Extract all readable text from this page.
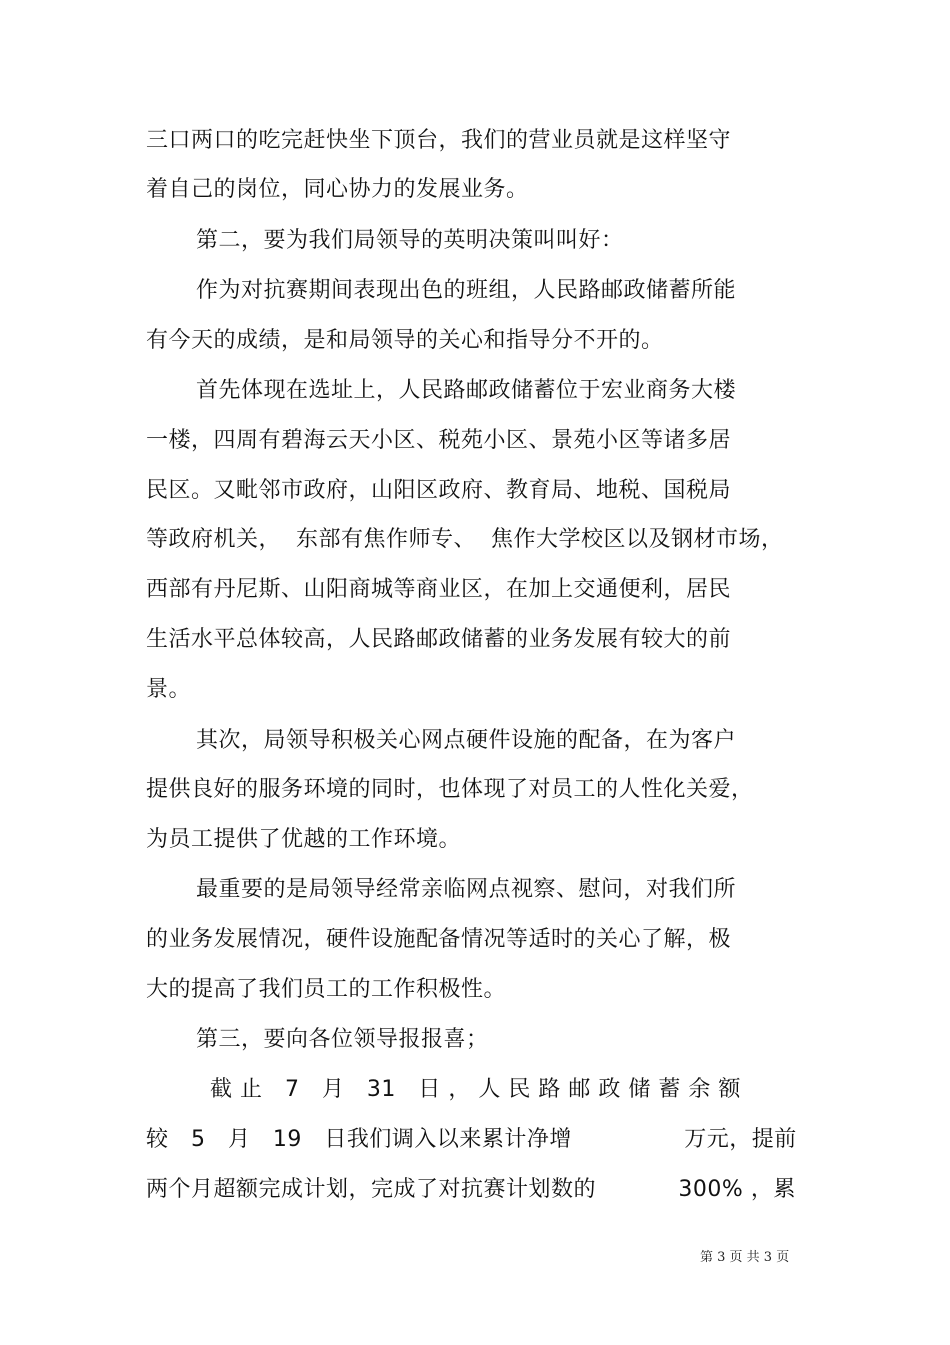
三口两口的吃完赶快坐下顶台，我们的营业员就是这样坚守
着自己的岗位，同心协力的发展业务。
第二，要为我们局领导的英明决策叫叫好：
作为对抗赛期间表现出色的班组，人民路邮政储蓄所能
有今天的成绩，是和局领导的关心和指导分不开的。
首先体现在选址上，人民路邮政储蓄位于宏业商务大楼
一楼，四周有碧海云天小区、税苑小区、景苑小区等诸多居
民区。又毗邻市政府，山阳区政府、教育局、地税、国税局
等政府机关，  东部有焦作师专、  焦作大学校区以及钢材市场，
西部有丹尼斯、山阳商城等商业区，在加上交通便利，居民
生活水平总体较高，人民路邮政储蓄的业务发展有较大的前
景。
其次，局领导积极关心网点硬件设施的配备，在为客户
提供良好的服务环境的同时，也体现了对员工的人性化关爱，
为员工提供了优越的工作环境。
最重要的是局领导经常亲临网点视察、慰问，对我们所
的业务发展情况，硬件设施配备情况等适时的关心了解，极
大的提高了我们员工的工作积极性。
第三，要向各位领导报报喜；
截 止   7   月   31   日 ， 人 民 路 邮 政 储 蓄 余 额
较   5   月   19   日我们调入以来累计净增               万元，提前
两个月超额完成计划，完成了对抗赛计划数的           300% ，累
第 3 页 共 3 页
